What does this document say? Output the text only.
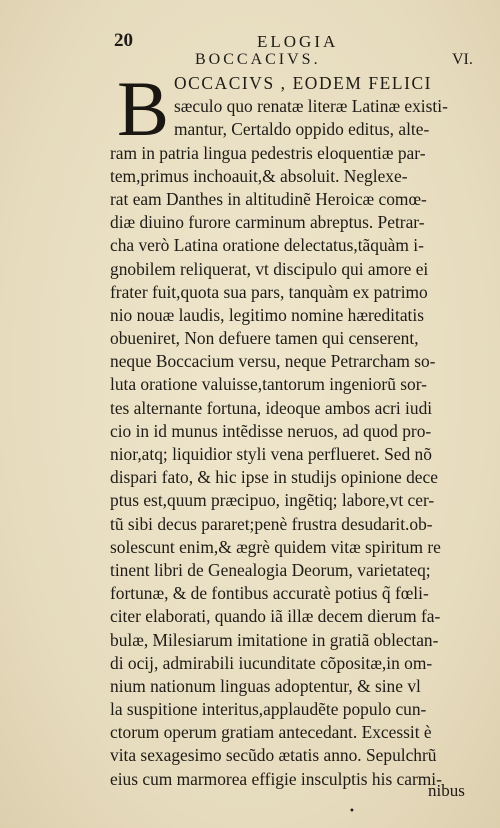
20	ELOGIA
BOCCACIVS.	VI.
B OCCACIVS , EODEM FELICI
sæculo quo renatæ literæ Latinæ existi-
mantur, Certaldo oppido editus, alte-
ram in patria lingua pedestris eloquentiæ par-
tem,primus inchoauit,& absoluit. Neglexe-
rat eam Danthes in altitudinẽ Heroicæ comœ-
diæ diuino furore carminum abreptus. Petrar-
cha verò Latina oratione delectatus,tãquàm i-
gnobilem reliquerat, vt discipulo qui amore ei
frater fuit,quota sua pars, tanquàm ex patrimo
nio nouæ laudis, legitimo nomine hæreditatis
obueniret, Non defuere tamen qui censerent,
neque Boccacium versu, neque Petrarcham so-
luta oratione valuisse,tantorum ingeniorũ sor-
tes alternante fortuna, ideoque ambos acri iudi
cio in id munus intẽdisse neruos, ad quod pro-
nior,atq; liquidior styli vena perflueret. Sed nõ
dispari fato, & hic ipse in studijs opinione dece
ptus est,quum præcipuo, ingẽtiq; labore,vt cer-
tũ sibi decus pararet;penè frustra desudarit.ob-
solescunt enim,& ægrè quidem vitæ spiritum re
tinent libri de Genealogia Deorum, varietateq;
fortunæ, & de fontibus accuratè potius q̃ fœli-
citer elaborati, quando iã illæ decem dierum fa-
bulæ, Milesiarum imitatione in gratiã oblectan-
di ocij, admirabili iucunditate cõpositæ,in om-
nium nationum linguas adoptentur, & sine vl
la suspitione interitus,applaudẽte populo cun-
ctorum operum gratiam antecedant. Excessit è
vita sexagesimo secũdo ætatis anno. Sepulchrũ
eius cum marmorea effigie insculptis his carmi-
nibus
•
